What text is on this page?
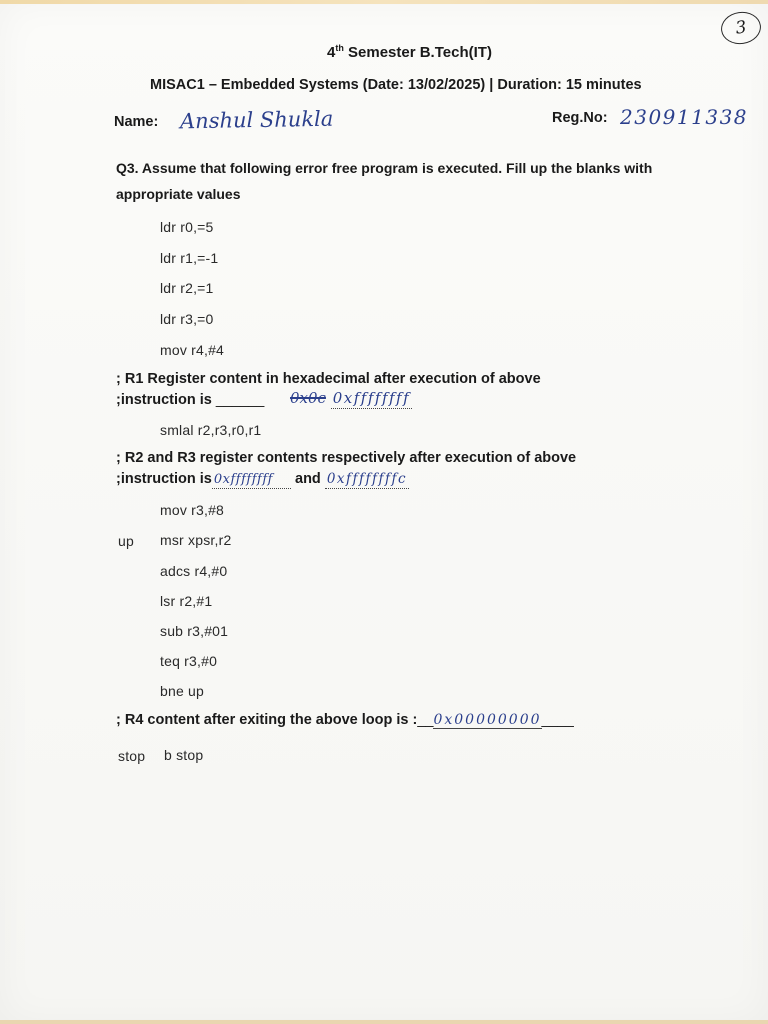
3
4th Semester B.Tech(IT)
MISAC1 – Embedded Systems (Date: 13/02/2025) | Duration: 15 minutes
Name: Anshul Shukla	Reg.No: 230911338
Q3. Assume that following error free program is executed. Fill up the blanks with
appropriate values
ldr r0,=5
ldr r1,=-1
ldr r2,=1
ldr r3,=0
mov r4,#4
; R1 Register content in hexadecimal after execution of above
;instruction is ______ 0x0c 0xffffffff
smlal r2,r3,r0,r1
; R2 and R3 register contents respectively after execution of above
;instruction is 0xffffffff and 0xffffffffc
mov r3,#8
up msr xpsr,r2
adcs r4,#0
lsr r2,#1
sub r3,#01
teq r3,#0
bne up
; R4 content after exiting the above loop is :__0x00000000____
stop b stop
